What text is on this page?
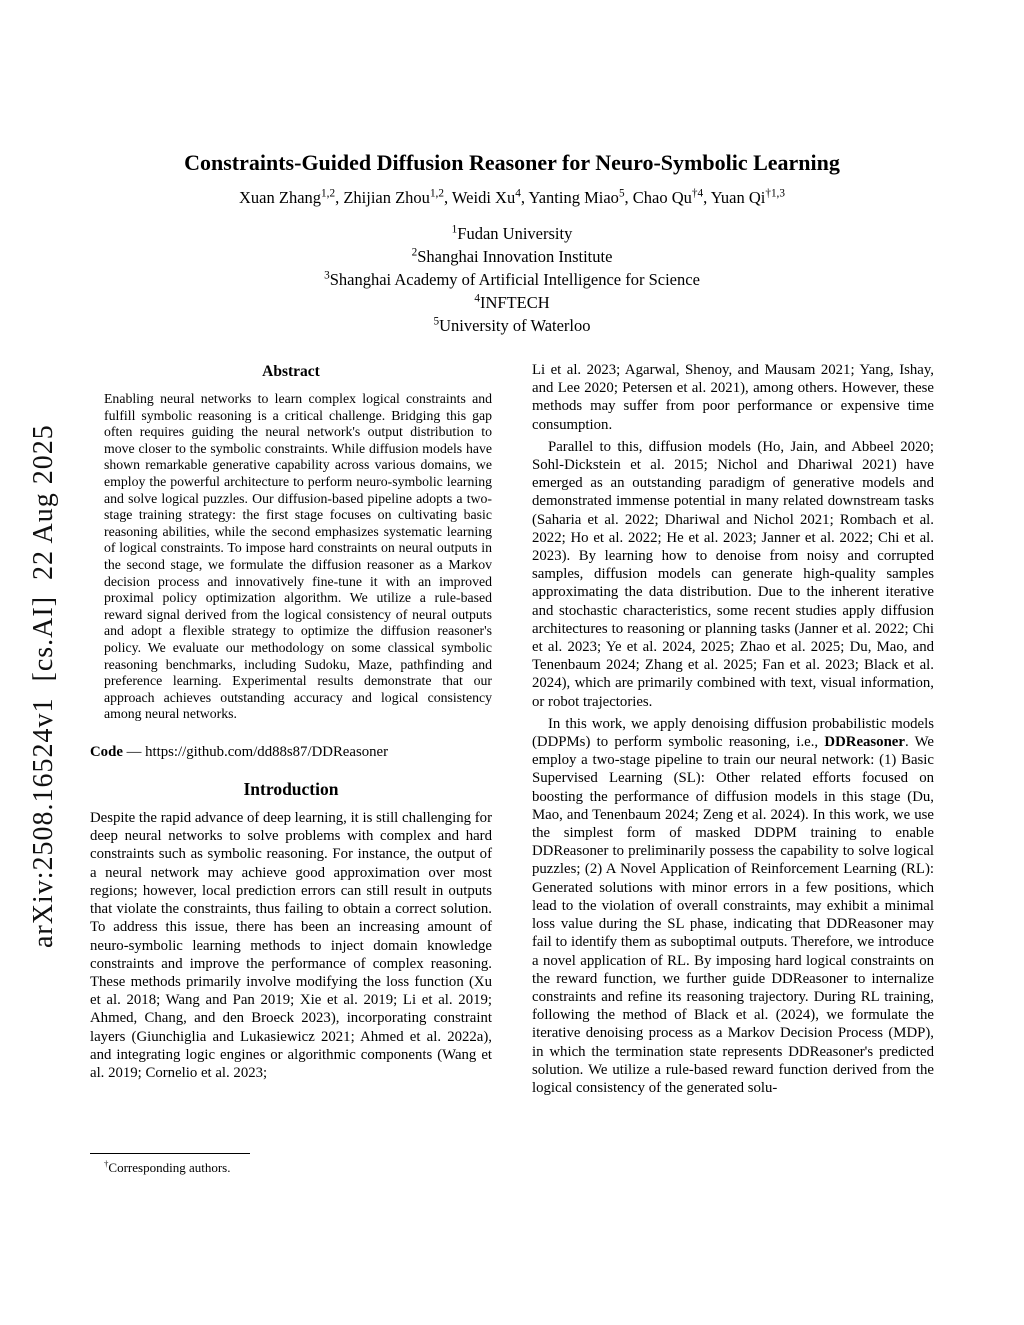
arXiv:2508.16524v1  [cs.AI]  22 Aug 2025
Constraints-Guided Diffusion Reasoner for Neuro-Symbolic Learning
Xuan Zhang$^{1,2}$, Zhijian Zhou$^{1,2}$, Weidi Xu$^4$, Yanting Miao$^5$, Chao Qu$^{\dagger 4}$, Yuan Qi$^{\dagger 1,3}$
$^1$Fudan University
$^2$Shanghai Innovation Institute
$^3$Shanghai Academy of Artificial Intelligence for Science
$^4$INFTECH
$^5$University of Waterloo
Abstract

Enabling neural networks to learn complex logical constraints and fulfill symbolic reasoning is a critical challenge. Bridging this gap often requires guiding the neural network's output distribution to move closer to the symbolic constraints. While diffusion models have shown remarkable generative capability across various domains, we employ the powerful architecture to perform neuro-symbolic learning and solve logical puzzles. Our diffusion-based pipeline adopts a two-stage training strategy: the first stage focuses on cultivating basic reasoning abilities, while the second emphasizes systematic learning of logical constraints. To impose hard constraints on neural outputs in the second stage, we formulate the diffusion reasoner as a Markov decision process and innovatively fine-tune it with an improved proximal policy optimization algorithm. We utilize a rule-based reward signal derived from the logical consistency of neural outputs and adopt a flexible strategy to optimize the diffusion reasoner's policy. We evaluate our methodology on some classical symbolic reasoning benchmarks, including Sudoku, Maze, pathfinding and preference learning. Experimental results demonstrate that our approach achieves outstanding accuracy and logical consistency among neural networks.

Code — https://github.com/dd88s87/DDReasoner

Introduction

Despite the rapid advance of deep learning, it is still challenging for deep neural networks to solve problems with complex and hard constraints such as symbolic reasoning. For instance, the output of a neural network may achieve good approximation over most regions; however, local prediction errors can still result in outputs that violate the constraints, thus failing to obtain a correct solution. To address this issue, there has been an increasing amount of neuro-symbolic learning methods to inject domain knowledge constraints and improve the performance of complex reasoning. These methods primarily involve modifying the loss function (Xu et al. 2018; Wang and Pan 2019; Xie et al. 2019; Li et al. 2019; Ahmed, Chang, and den Broeck 2023), incorporating constraint layers (Giunchiglia and Lukasiewicz 2021; Ahmed et al. 2022a), and integrating logic engines or algorithmic components (Wang et al. 2019; Cornelio et al. 2023;

Li et al. 2023; Agarwal, Shenoy, and Mausam 2021; Yang, Ishay, and Lee 2020; Petersen et al. 2021), among others. However, these methods may suffer from poor performance or expensive time consumption.

Parallel to this, diffusion models (Ho, Jain, and Abbeel 2020; Sohl-Dickstein et al. 2015; Nichol and Dhariwal 2021) have emerged as an outstanding paradigm of generative models and demonstrated immense potential in many related downstream tasks (Saharia et al. 2022; Dhariwal and Nichol 2021; Rombach et al. 2022; Ho et al. 2022; He et al. 2023; Janner et al. 2022; Chi et al. 2023). By learning how to denoise from noisy and corrupted samples, diffusion models can generate high-quality samples approximating the data distribution. Due to the inherent iterative and stochastic characteristics, some recent studies apply diffusion architectures to reasoning or planning tasks (Janner et al. 2022; Chi et al. 2023; Ye et al. 2024, 2025; Zhao et al. 2025; Du, Mao, and Tenenbaum 2024; Zhang et al. 2025; Fan et al. 2023; Black et al. 2024), which are primarily combined with text, visual information, or robot trajectories.

In this work, we apply denoising diffusion probabilistic models (DDPMs) to perform symbolic reasoning, i.e., DDReasoner. We employ a two-stage pipeline to train our neural network: (1) Basic Supervised Learning (SL): Other related efforts focused on boosting the performance of diffusion models in this stage (Du, Mao, and Tenenbaum 2024; Zeng et al. 2024). In this work, we use the simplest form of masked DDPM training to enable DDReasoner to preliminarily possess the capability to solve logical puzzles; (2) A Novel Application of Reinforcement Learning (RL): Generated solutions with minor errors in a few positions, which lead to the violation of overall constraints, may exhibit a minimal loss value during the SL phase, indicating that DDReasoner may fail to identify them as suboptimal outputs. Therefore, we introduce a novel application of RL. By imposing hard logical constraints on the reward function, we further guide DDReasoner to internalize constraints and refine its reasoning trajectory. During RL training, following the method of Black et al. (2024), we formulate the iterative denoising process as a Markov Decision Process (MDP), in which the termination state represents DDReasoner's predicted solution. We utilize a rule-based reward function derived from the logical consistency of the generated solu-

†Corresponding authors.
